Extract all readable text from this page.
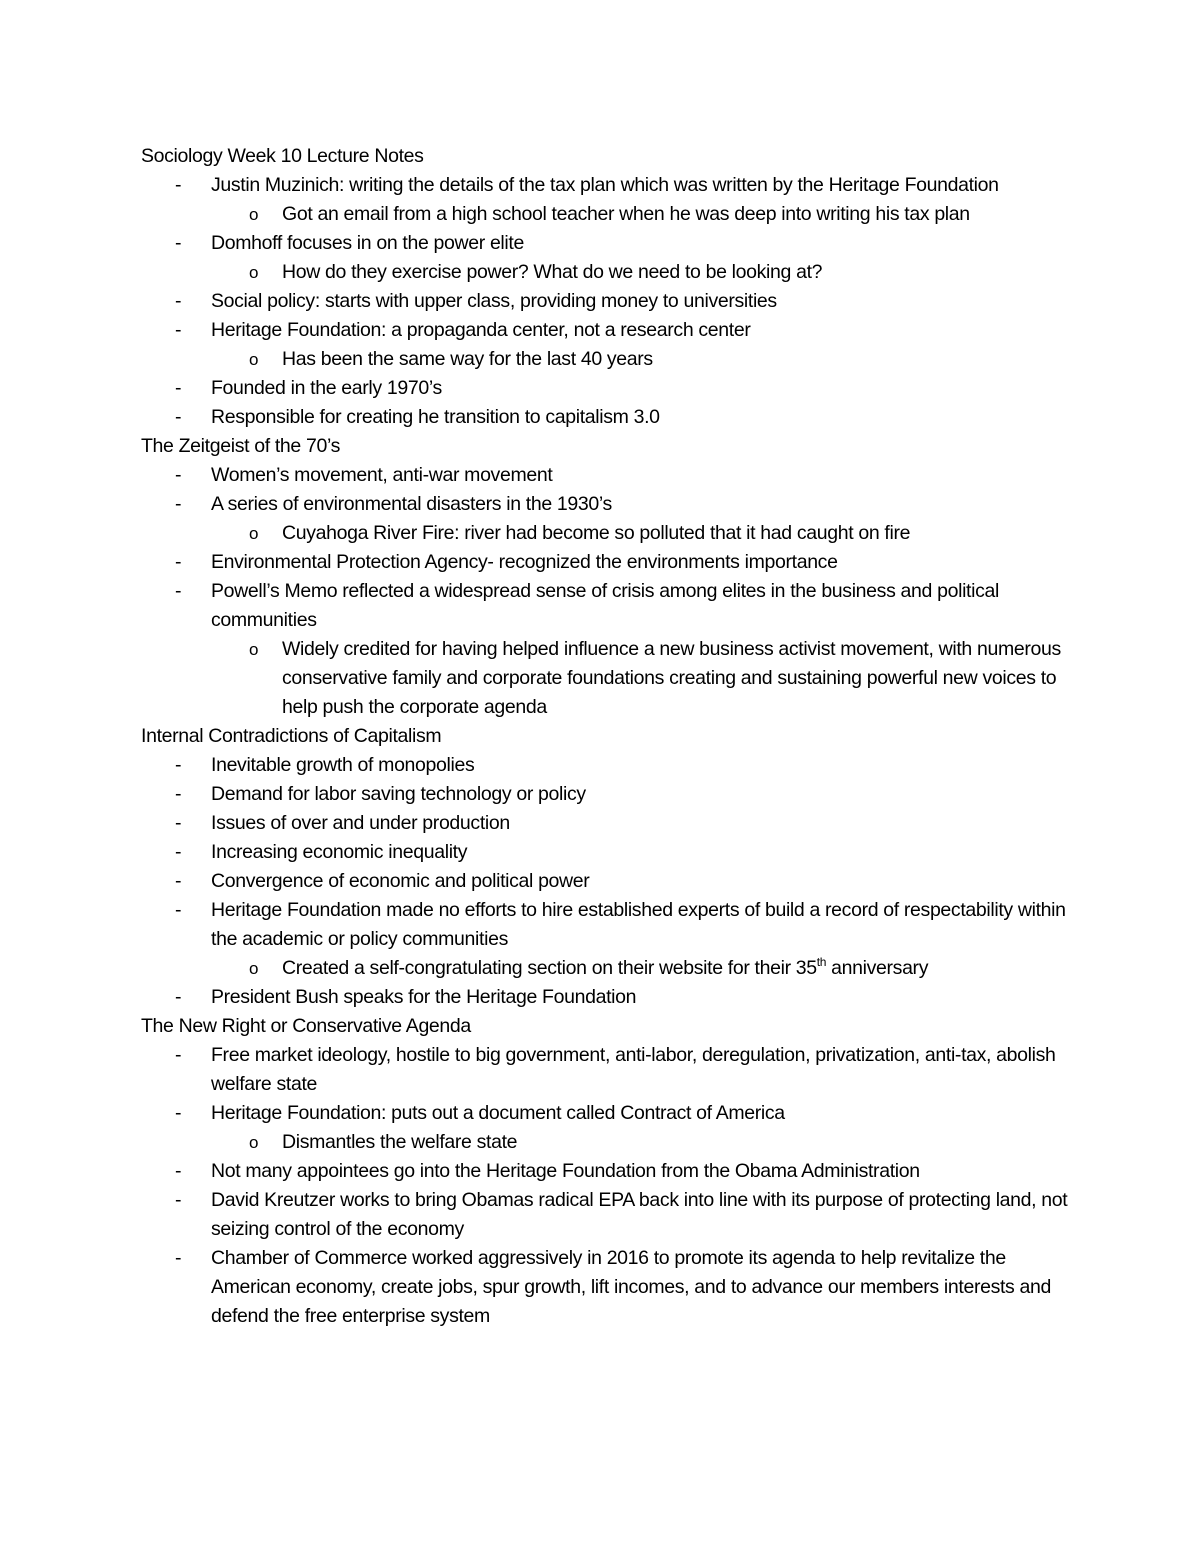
Sociology Week 10 Lecture Notes
- Justin Muzinich: writing the details of the tax plan which was written by the Heritage Foundation
o Got an email from a high school teacher when he was deep into writing his tax plan
- Domhoff focuses in on the power elite
o How do they exercise power? What do we need to be looking at?
- Social policy: starts with upper class, providing money to universities
- Heritage Foundation: a propaganda center, not a research center
o Has been the same way for the last 40 years
- Founded in the early 1970’s
- Responsible for creating he transition to capitalism 3.0
The Zeitgeist of the 70’s
- Women’s movement, anti-war movement
- A series of environmental disasters in the 1930’s
o Cuyahoga River Fire: river had become so polluted that it had caught on fire
- Environmental Protection Agency- recognized the environments importance
- Powell’s Memo reflected a widespread sense of crisis among elites in the business and political communities
o Widely credited for having helped influence a new business activist movement, with numerous conservative family and corporate foundations creating and sustaining powerful new voices to help push the corporate agenda
Internal Contradictions of Capitalism
- Inevitable growth of monopolies
- Demand for labor saving technology or policy
- Issues of over and under production
- Increasing economic inequality
- Convergence of economic and political power
- Heritage Foundation made no efforts to hire established experts of build a record of respectability within the academic or policy communities
o Created a self-congratulating section on their website for their 35th anniversary
- President Bush speaks for the Heritage Foundation
The New Right or Conservative Agenda
- Free market ideology, hostile to big government, anti-labor, deregulation, privatization, anti-tax, abolish welfare state
- Heritage Foundation: puts out a document called Contract of America
o Dismantles the welfare state
- Not many appointees go into the Heritage Foundation from the Obama Administration
- David Kreutzer works to bring Obamas radical EPA back into line with its purpose of protecting land, not seizing control of the economy
- Chamber of Commerce worked aggressively in 2016 to promote its agenda to help revitalize the American economy, create jobs, spur growth, lift incomes, and to advance our members interests and defend the free enterprise system
